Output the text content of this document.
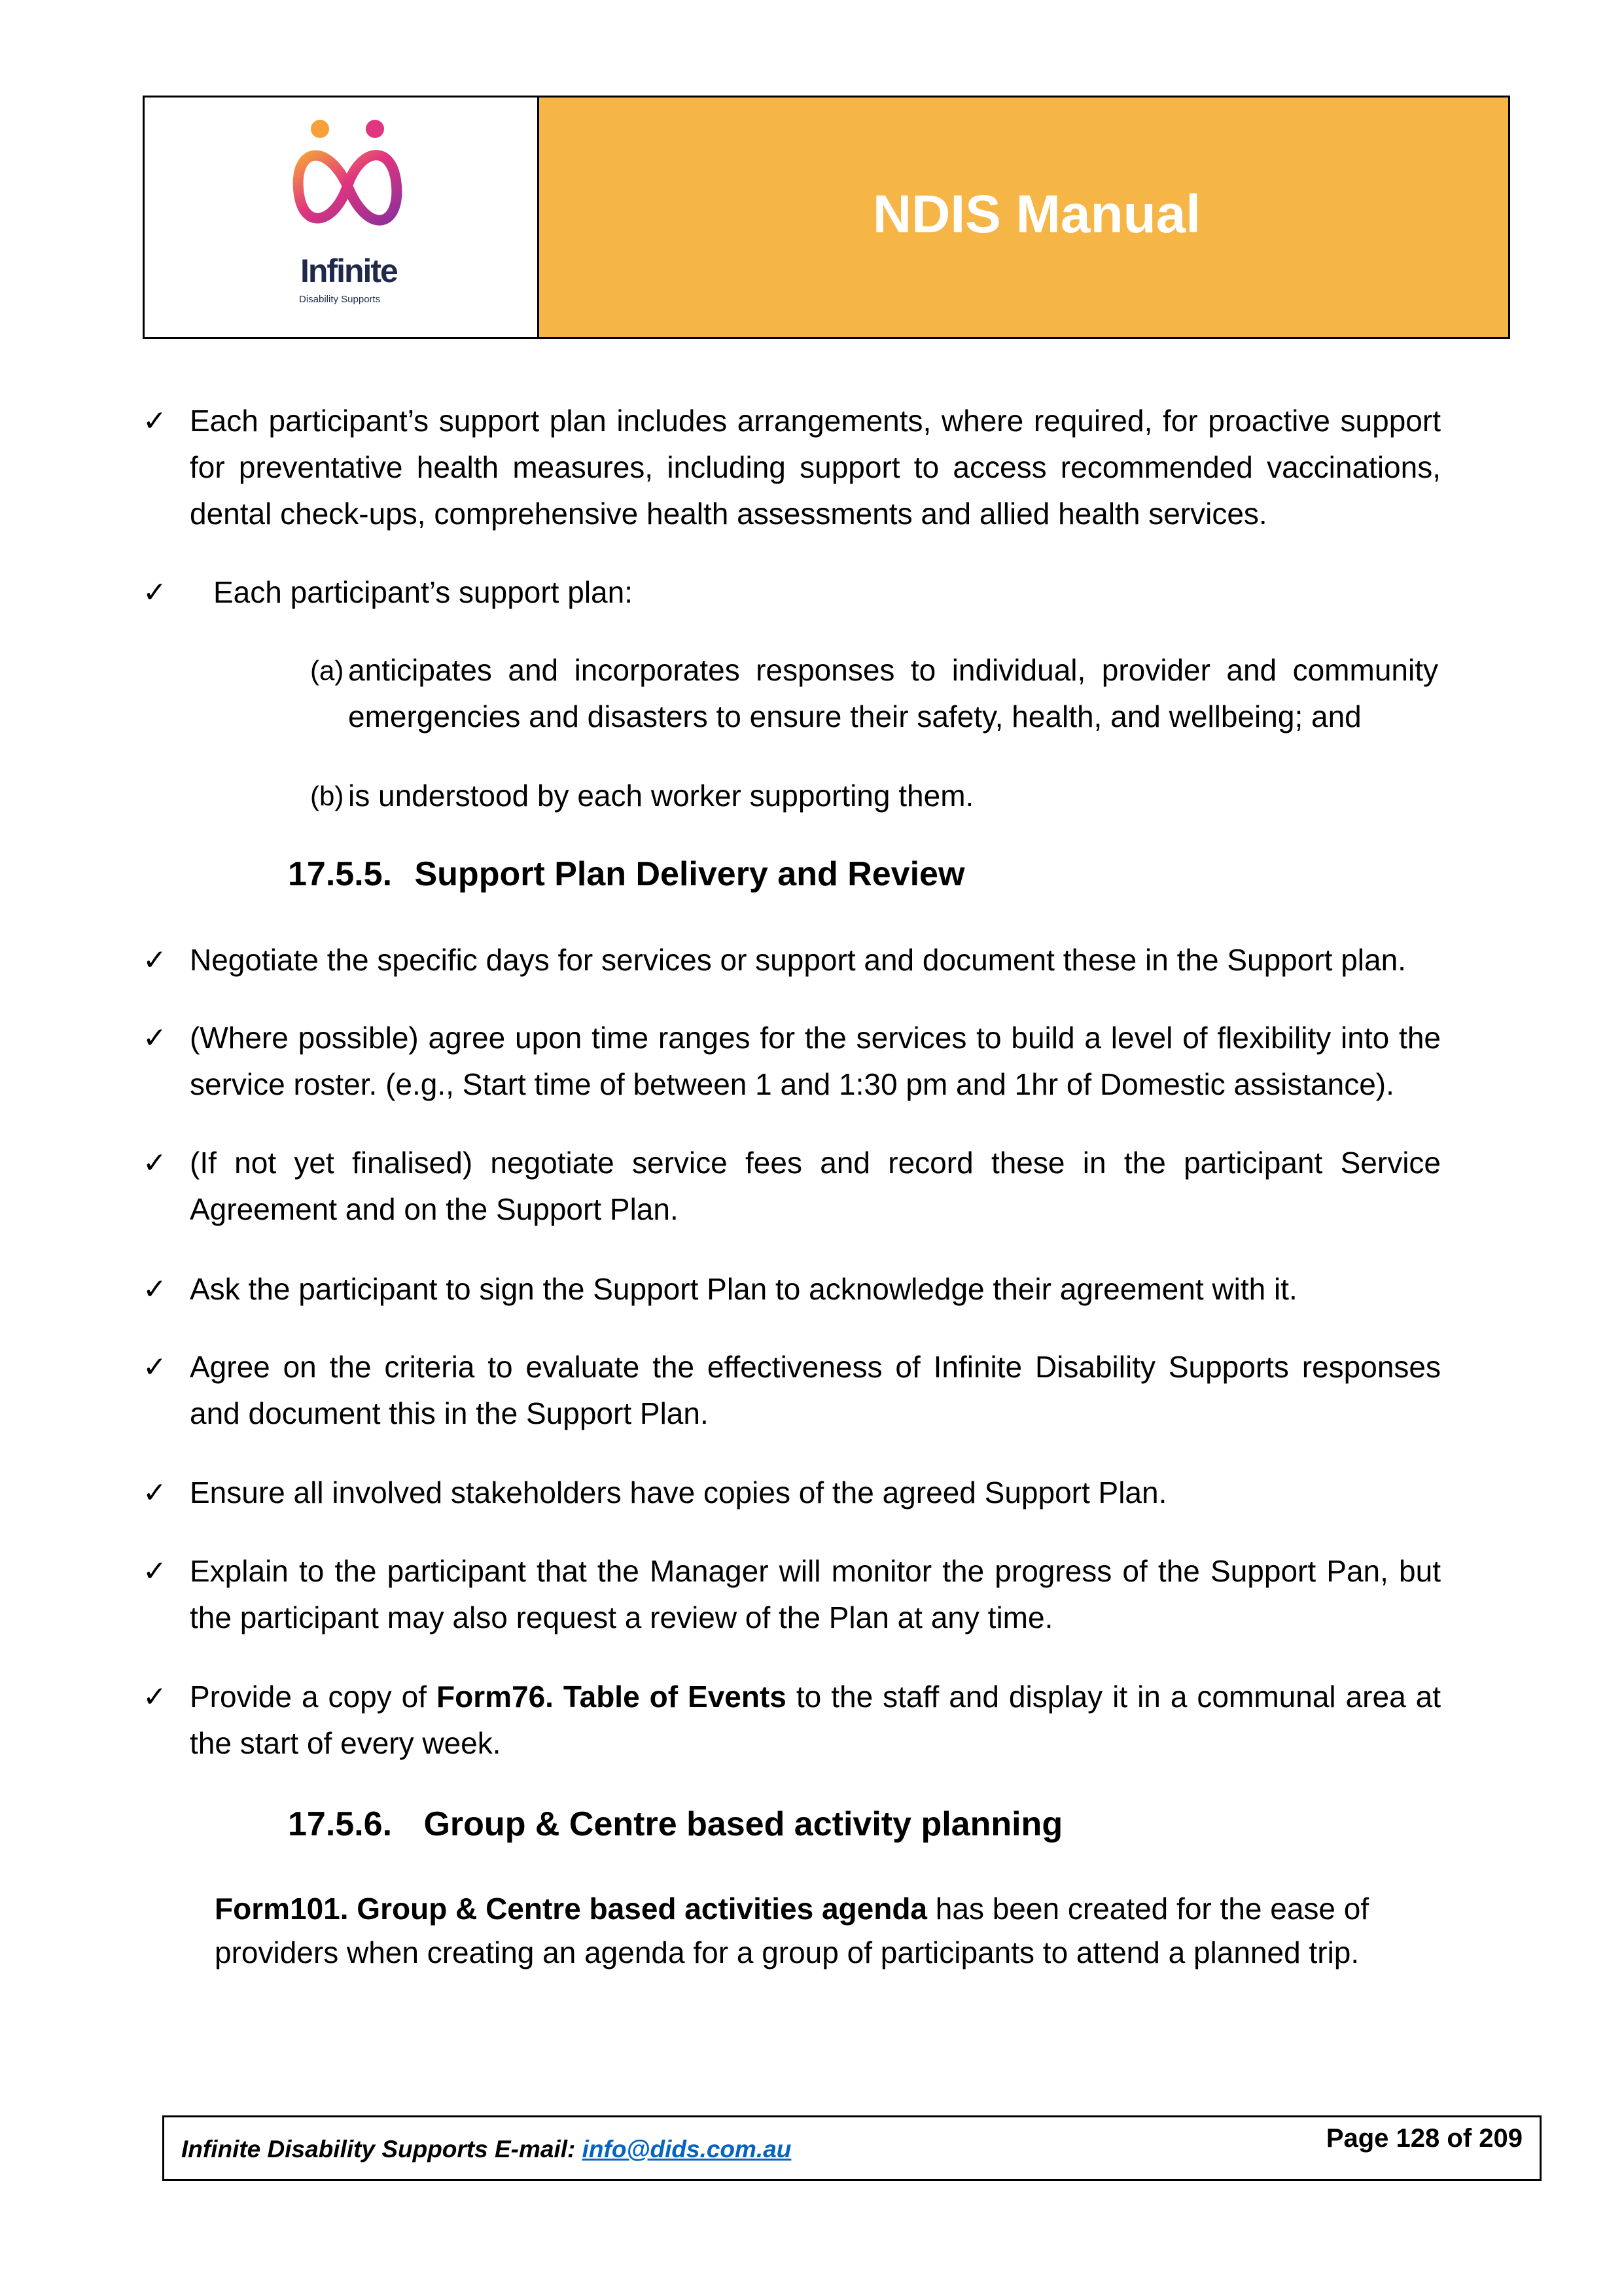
Infinite
Disability Supports
NDIS Manual
✓ Each participant’s support plan includes arrangements, where required, for proactive support for preventative health measures, including support to access recommended vaccinations, dental check-ups, comprehensive health assessments and allied health services.
✓ Each participant’s support plan:
(a) anticipates and incorporates responses to individual, provider and community emergencies and disasters to ensure their safety, health, and wellbeing; and
(b) is understood by each worker supporting them.
17.5.5. Support Plan Delivery and Review
✓ Negotiate the specific days for services or support and document these in the Support plan.
✓ (Where possible) agree upon time ranges for the services to build a level of flexibility into the service roster. (e.g., Start time of between 1 and 1:30 pm and 1hr of Domestic assistance).
✓ (If not yet finalised) negotiate service fees and record these in the participant Service Agreement and on the Support Plan.
✓ Ask the participant to sign the Support Plan to acknowledge their agreement with it.
✓ Agree on the criteria to evaluate the effectiveness of Infinite Disability Supports responses and document this in the Support Plan.
✓ Ensure all involved stakeholders have copies of the agreed Support Plan.
✓ Explain to the participant that the Manager will monitor the progress of the Support Pan, but the participant may also request a review of the Plan at any time.
✓ Provide a copy of Form76. Table of Events to the staff and display it in a communal area at the start of every week.
17.5.6. Group & Centre based activity planning
Form101. Group & Centre based activities agenda has been created for the ease of providers when creating an agenda for a group of participants to attend a planned trip.
Infinite Disability Supports E-mail: info@dids.com.au	Page 128 of 209
